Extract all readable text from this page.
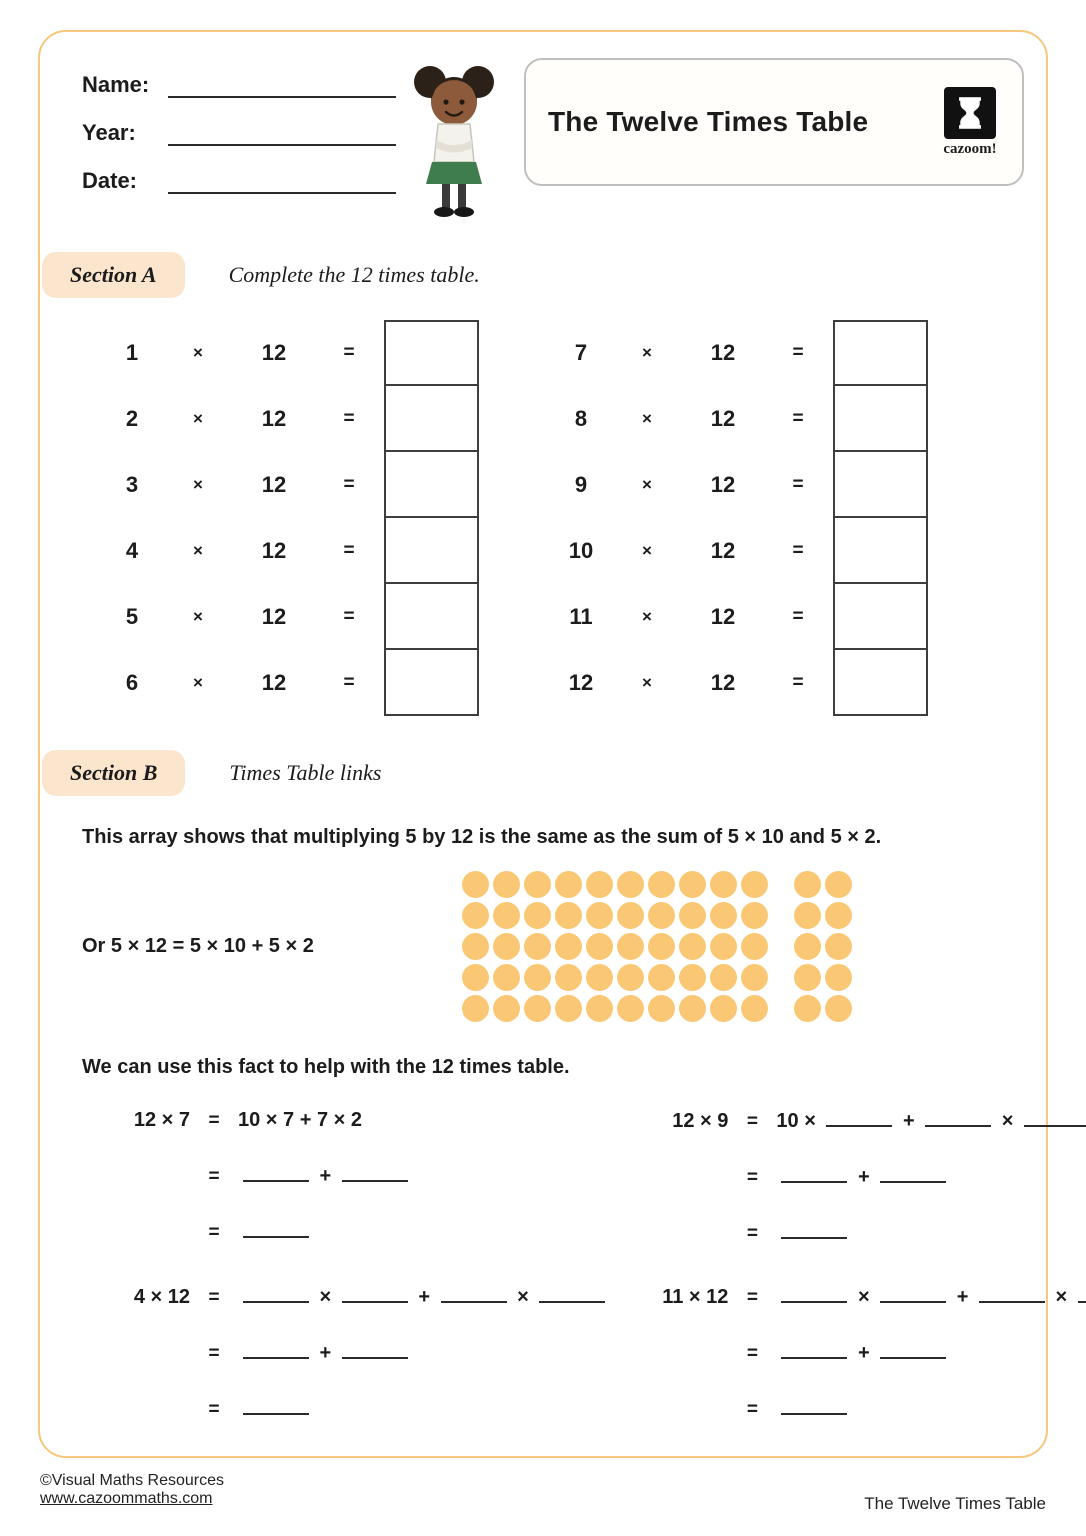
Name:
Year:
Date:
The Twelve Times Table
cazoom!
Section A	Complete the 12 times table.
1	×	12	=
2	×	12	=
3	×	12	=
4	×	12	=
5	×	12	=
6	×	12	=
7	×	12	=
8	×	12	=
9	×	12	=
10	×	12	=
11	×	12	=
12	×	12	=
Section B	Times Table links
This array shows that multiplying 5 by 12 is the same as the sum of 5 × 10 and 5 × 2.
Or 5 × 12 = 5 × 10 + 5 × 2
We can use this fact to help with the 12 times table.
12 × 7 = 10 × 7 + 7 × 2
=	+
=
12 × 9 = 10 ×	+	×
=	+
=
4 × 12 =	×	+	×
=	+
=
11 × 12 =	×	+	×
=	+
=
©Visual Maths Resources
www.cazoommaths.com	The Twelve Times Table
